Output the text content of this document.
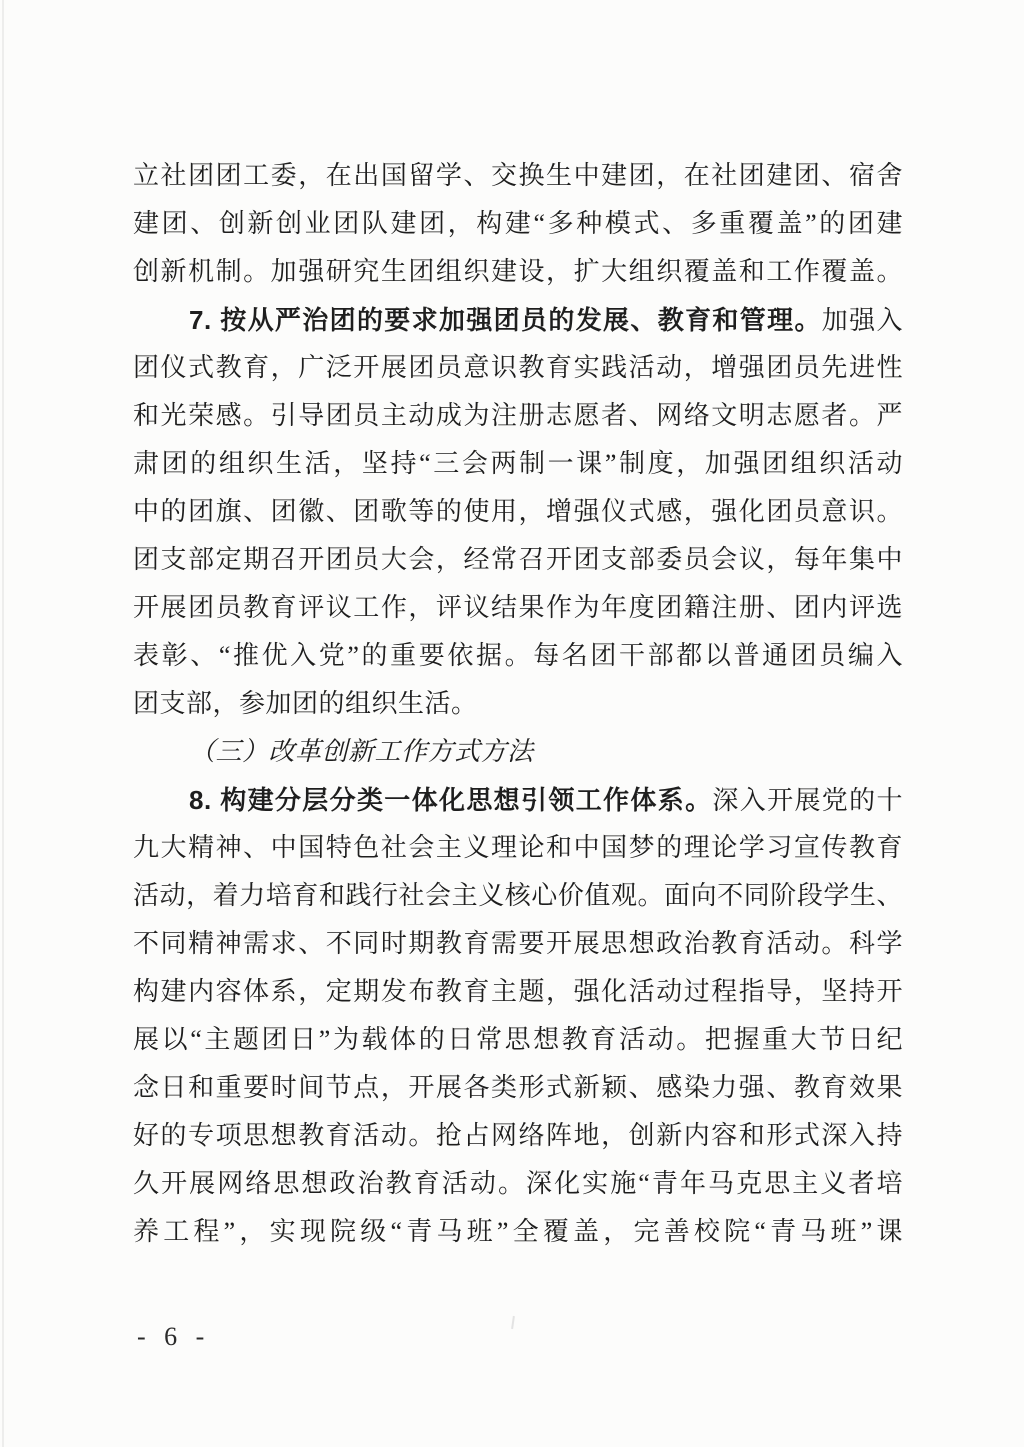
立社团团工委，在出国留学、交换生中建团，在社团建团、宿舍
建团、创新创业团队建团，构建“多种模式、多重覆盖”的团建
创新机制。加强研究生团组织建设，扩大组织覆盖和工作覆盖。
7. 按从严治团的要求加强团员的发展、教育和管理。加强入
团仪式教育，广泛开展团员意识教育实践活动，增强团员先进性
和光荣感。引导团员主动成为注册志愿者、网络文明志愿者。严
肃团的组织生活，坚持“三会两制一课”制度，加强团组织活动
中的团旗、团徽、团歌等的使用，增强仪式感，强化团员意识。
团支部定期召开团员大会，经常召开团支部委员会议，每年集中
开展团员教育评议工作，评议结果作为年度团籍注册、团内评选
表彰、“推优入党”的重要依据。每名团干部都以普通团员编入
团支部，参加团的组织生活。
（三）改革创新工作方式方法
8. 构建分层分类一体化思想引领工作体系。深入开展党的十
九大精神、中国特色社会主义理论和中国梦的理论学习宣传教育
活动，着力培育和践行社会主义核心价值观。面向不同阶段学生、
不同精神需求、不同时期教育需要开展思想政治教育活动。科学
构建内容体系，定期发布教育主题，强化活动过程指导，坚持开
展以“主题团日”为载体的日常思想教育活动。把握重大节日纪
念日和重要时间节点，开展各类形式新颖、感染力强、教育效果
好的专项思想教育活动。抢占网络阵地，创新内容和形式深入持
久开展网络思想政治教育活动。深化实施“青年马克思主义者培
养工程”，实现院级“青马班”全覆盖，完善校院“青马班”课
- 6 -
